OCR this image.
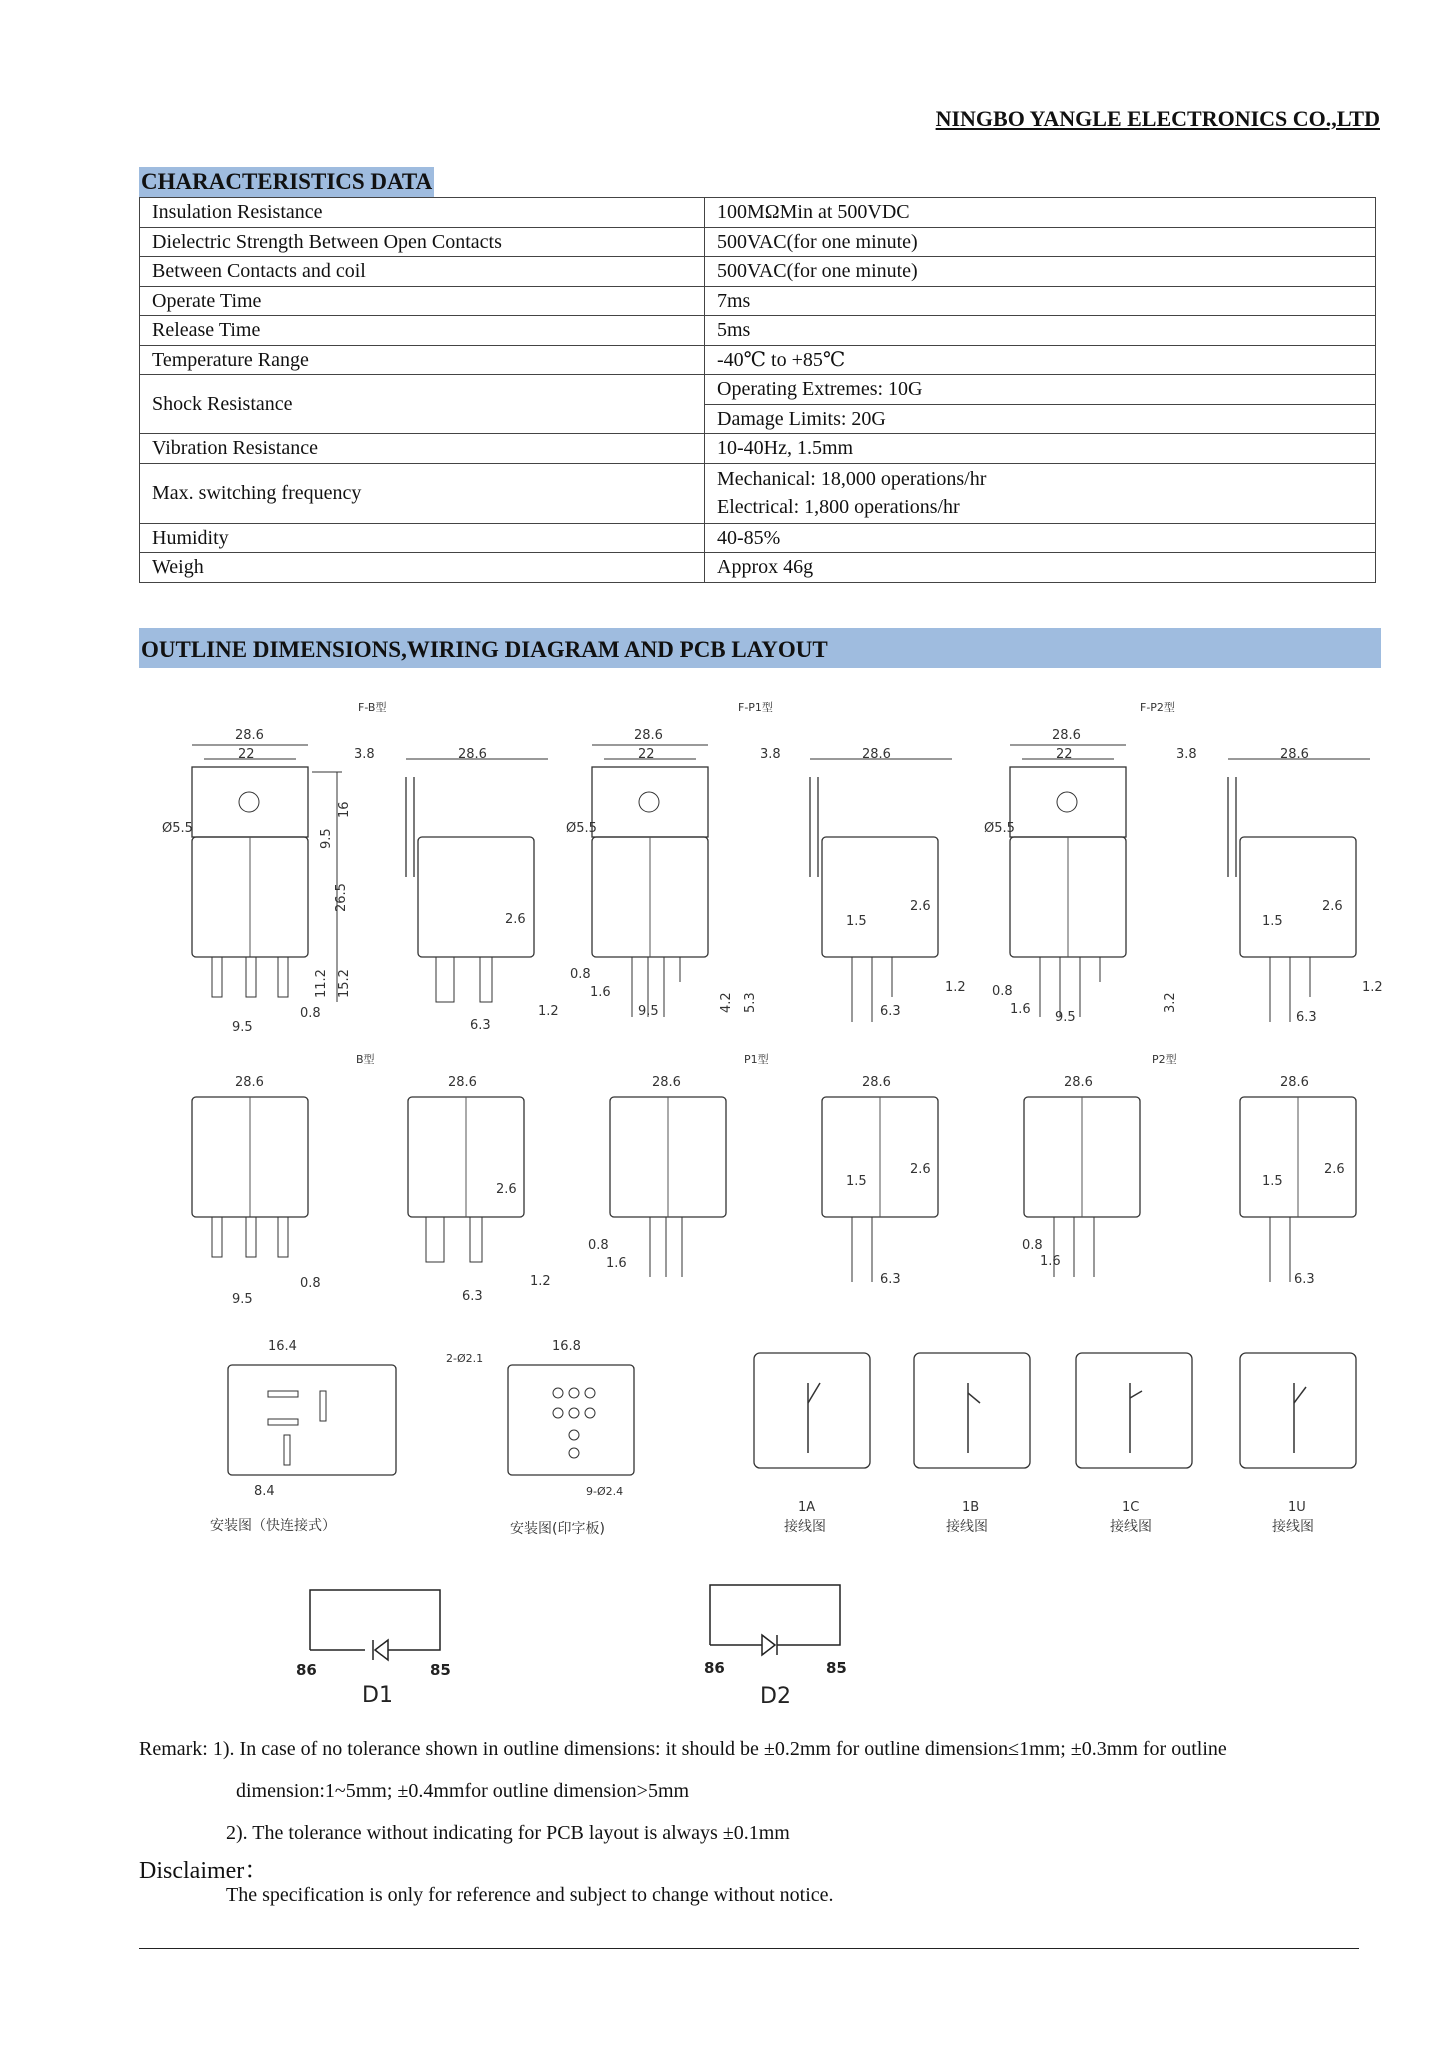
NINGBO YANGLE ELECTRONICS CO.,LTD
CHARACTERISTICS DATA
Insulation Resistance	100MΩMin at 500VDC
Dielectric Strength Between Open Contacts	500VAC(for one minute)
Between Contacts and coil	500VAC(for one minute)
Operate Time	7ms
Release Time	5ms
Temperature Range	-40℃ to +85℃
Shock Resistance	Operating Extremes: 10G
	Damage Limits: 20G
Vibration Resistance	10-40Hz, 1.5mm
Max. switching frequency	Mechanical: 18,000 operations/hr
Electrical: 1,800 operations/hr

Humidity	40-85%
Weigh	Approx 46g
OUTLINE DIMENSIONS,WIRING DIAGRAM AND PCB LAYOUT
F-B型	F-P1型	F-P2型
28.6
22
Ø5.5	9.5
16
26.5
11.2 15.2
0.8
9.5
3.8	28.6
2.6
1.2
6.3
28.6
22
Ø5.5
0.8
1.6
9.5	4.2 5.3
3.8	28.6
2.6
1.5
1.2
6.3
28.6
22
Ø5.5
0.8
1.6
9.5
3.2
3.8	28.6
2.6
1.5
1.2
6.3
B型	P1型	P2型
28.6
0.8
9.5
28.6
2.6
1.2
6.3
28.6
0.8
1.6
28.6
2.6
1.5
6.3
28.6
0.8
1.6
28.6
2.6
1.5
6.3
16.4
8.4
安装图（快连接式）
2-Ø2.1
16.8
9-Ø2.4
安装图(印字板)
1A
接线图
1B
接线图
1C
接线图
1U
接线图
86	85
D1
86	85
D2
Remark: 1). In case of no tolerance shown in outline dimensions: it should be ±0.2mm for outline dimension≤1mm; ±0.3mm for outline
dimension:1~5mm; ±0.4mmfor outline dimension>5mm
2). The tolerance without indicating for PCB layout is always ±0.1mm
Disclaimer：
The specification is only for reference and subject to change without notice.
